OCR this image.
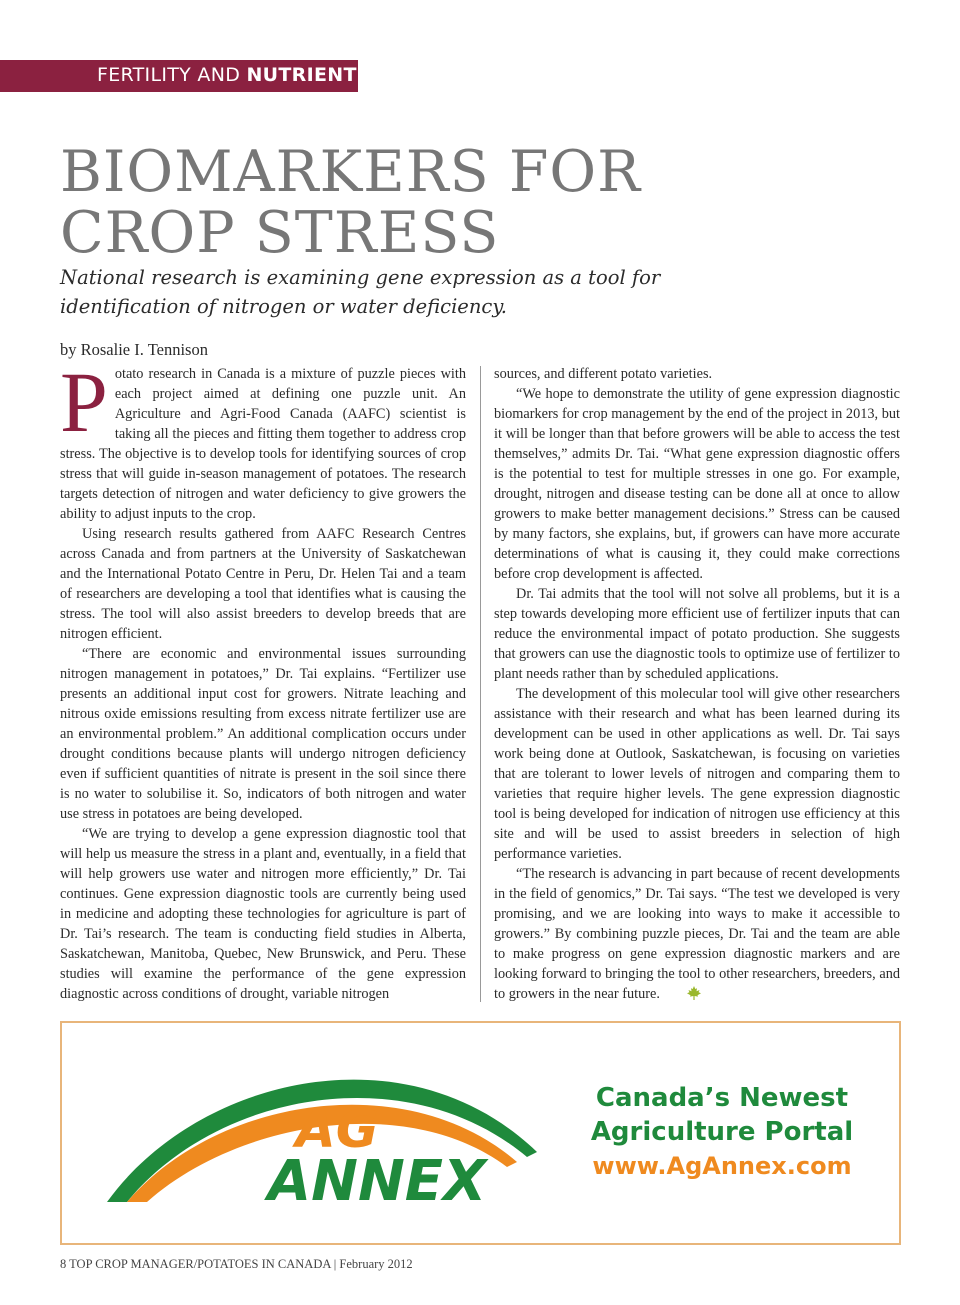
FERTILITY AND NUTRIENTS
BIOMARKERS FOR
CROP STRESS
National research is examining gene expression as a tool for identification of nitrogen or water deficiency.
by Rosalie I. Tennison

Potato research in Canada is a mixture of puzzle pieces with each project aimed at defining one puzzle unit. An Agriculture and Agri-Food Canada (AAFC) scientist is taking all the pieces and fitting them together to address crop stress. The objective is to develop tools for identifying sources of crop stress that will guide in-season management of potatoes. The research targets detection of nitrogen and water deficiency to give growers the ability to adjust inputs to the crop.

Using research results gathered from AAFC Research Centres across Canada and from partners at the University of Saskatchewan and the International Potato Centre in Peru, Dr. Helen Tai and a team of researchers are developing a tool that identifies what is causing the stress. The tool will also assist breeders to develop breeds that are nitrogen efficient.

“There are economic and environmental issues surrounding nitrogen management in potatoes,” Dr. Tai explains. “Fertilizer use presents an additional input cost for growers. Nitrate leaching and nitrous oxide emissions resulting from excess nitrate fertilizer use are an environmental problem.” An additional complication occurs under drought conditions because plants will undergo nitrogen deficiency even if sufficient quantities of nitrate is present in the soil since there is no water to solubilise it. So, indicators of both nitrogen and water use stress in potatoes are being developed.

“We are trying to develop a gene expression diagnostic tool that will help us measure the stress in a plant and, eventually, in a field that will help growers use water and nitrogen more efficiently,” Dr. Tai continues. Gene expression diagnostic tools are currently being used in medicine and adopting these technologies for agriculture is part of Dr. Tai’s research. The team is conducting field studies in Alberta, Saskatchewan, Manitoba, Quebec, New Brunswick, and Peru. These studies will examine the performance of the gene expression diagnostic across conditions of drought, variable nitrogen

sources, and different potato varieties.

“We hope to demonstrate the utility of gene expression diagnostic biomarkers for crop management by the end of the project in 2013, but it will be longer than that before growers will be able to access the test themselves,” admits Dr. Tai. “What gene expression diagnostic offers is the potential to test for multiple stresses in one go. For example, drought, nitrogen and disease testing can be done all at once to allow growers to make better management decisions.” Stress can be caused by many factors, she explains, but, if growers can have more accurate determinations of what is causing it, they could make corrections before crop development is affected.

Dr. Tai admits that the tool will not solve all problems, but it is a step towards developing more efficient use of fertilizer inputs that can reduce the environmental impact of potato production. She suggests that growers can use the diagnostic tools to optimize use of fertilizer to plant needs rather than by scheduled applications.

The development of this molecular tool will give other researchers assistance with their research and what has been learned during its development can be used in other applications as well. Dr. Tai says work being done at Outlook, Saskatchewan, is focusing on varieties that are tolerant to lower levels of nitrogen and comparing them to varieties that require higher levels. The gene expression diagnostic tool is being developed for indication of nitrogen use efficiency at this site and will be used to assist breeders in selection of high performance varieties.

“The research is advancing in part because of recent developments in the field of genomics,” Dr. Tai says. “The test we developed is very promising, and we are looking into ways to make it accessible to growers.” By combining puzzle pieces, Dr. Tai and the team are able to make progress on gene expression diagnostic markers and are looking forward to bringing the tool to other researchers, breeders, and to growers in the near future.

AG
ANNEX
Canada’s Newest
Agriculture Portal
www.AgAnnex.com
8 TOP CROP MANAGER/POTATOES IN CANADA | February 2012
